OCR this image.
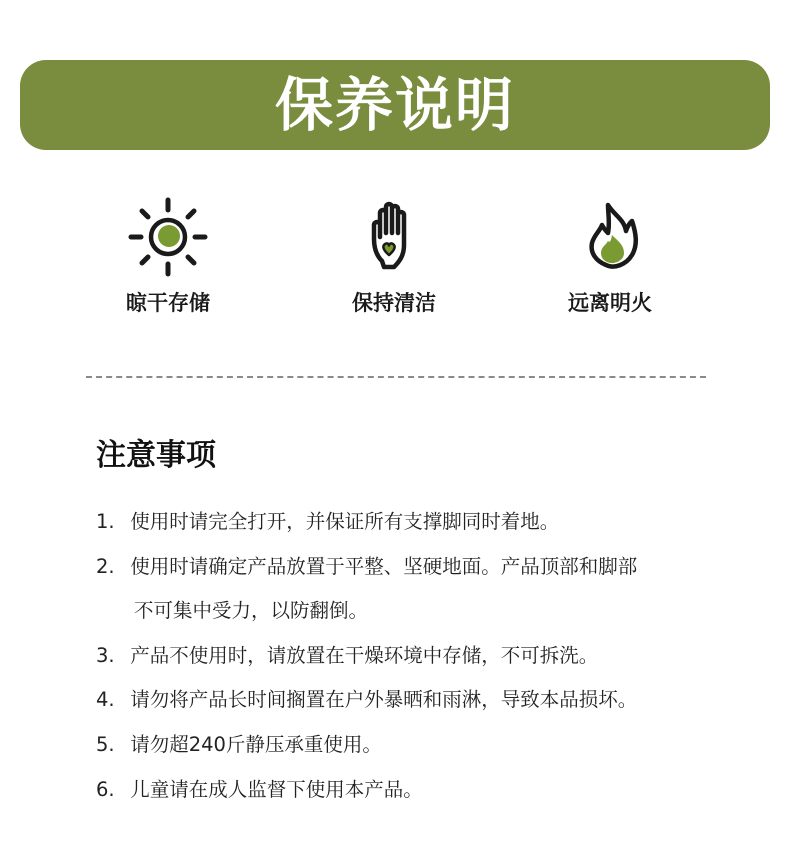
保养说明
晾干存储	保持清洁	远离明火
注意事项
1. 使用时请完全打开，并保证所有支撑脚同时着地。
2. 使用时请确定产品放置于平整、坚硬地面。产品顶部和脚部
不可集中受力，以防翻倒。
3. 产品不使用时，请放置在干燥环境中存储，不可拆洗。
4. 请勿将产品长时间搁置在户外暴晒和雨淋，导致本品损坏。
5. 请勿超240斤静压承重使用。
6. 儿童请在成人监督下使用本产品。
